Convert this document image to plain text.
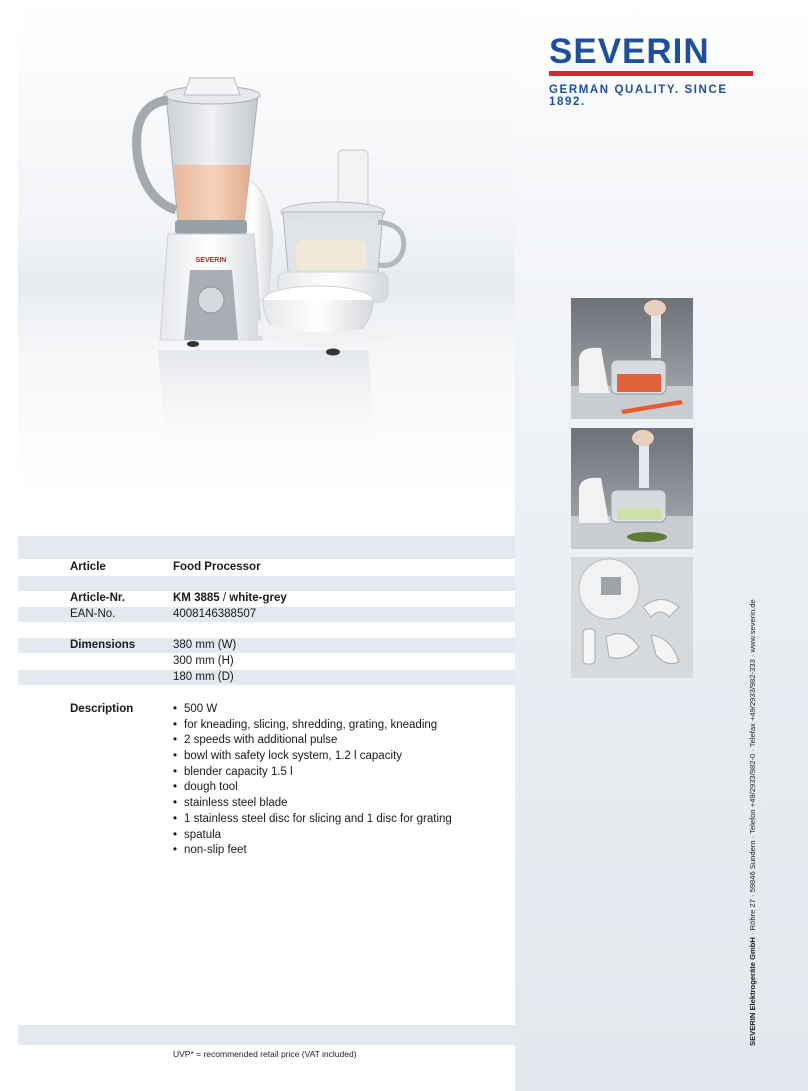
SEVERIN
SEVERIN
GERMAN QUALITY. SINCE 1892.
Article	Food Processor
Article-Nr.	KM 3885 / white-grey
EAN-No.	4008146388507
Dimensions	380 mm (W)
300 mm (H)
180 mm (D)
Description	• 500 W
• for kneading, slicing, shredding, grating, kneading
• 2 speeds with additional pulse
• bowl with safety lock system, 1.2 l capacity
• blender capacity 1.5 l
• dough tool
• stainless steel blade
• 1 stainless steel disc for slicing and 1 disc for grating
• spatula
• non-slip feet
UVP* = recommended retail price (VAT included)
SEVERIN Elektrogeräte GmbH · Röhre 27 · 59846 Sundern · Telefon +49/2933/982-0 · Telefax +49/2933/982-333 · www.severin.de
